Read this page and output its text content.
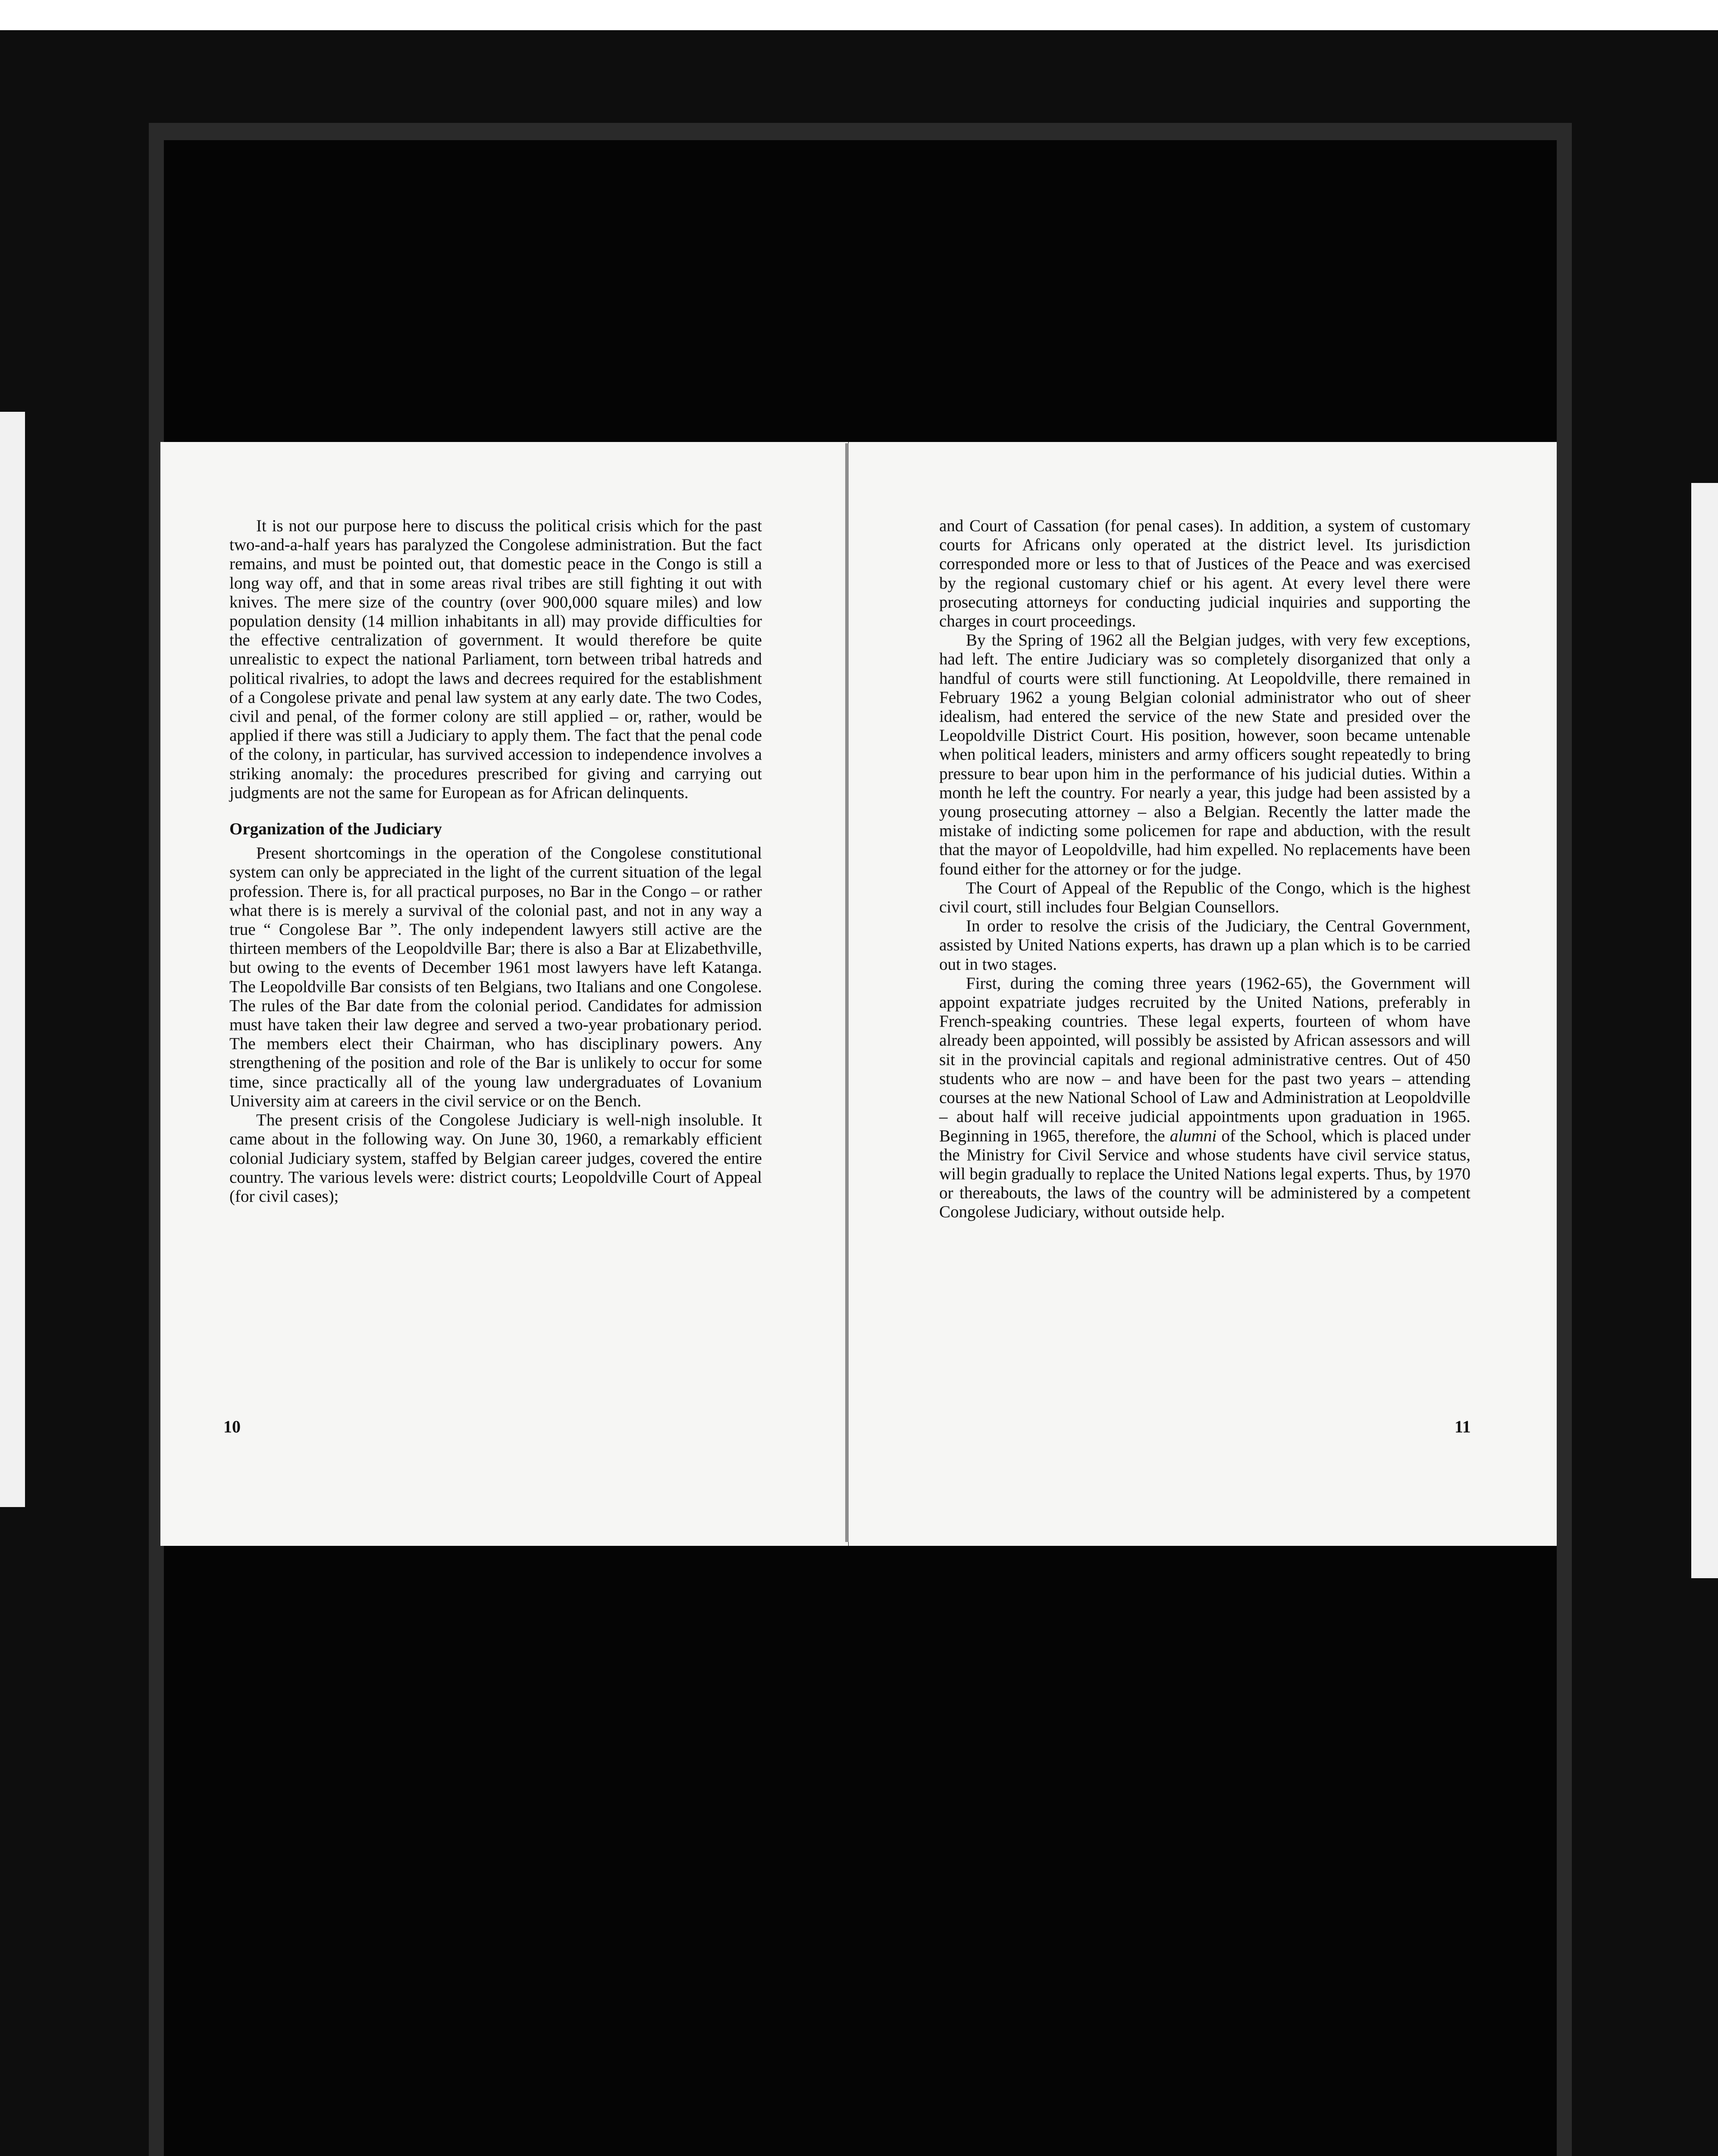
It is not our purpose here to discuss the political crisis which for the past two-and-a-half years has paralyzed the Congolese administration. But the fact remains, and must be pointed out, that domestic peace in the Congo is still a long way off, and that in some areas rival tribes are still fighting it out with knives. The mere size of the country (over 900,000 square miles) and low population density (14 million inhabitants in all) may provide difficulties for the effective centralization of government. It would therefore be quite unrealistic to expect the national Parliament, torn between tribal hatreds and political rivalries, to adopt the laws and decrees required for the establishment of a Congolese private and penal law system at any early date. The two Codes, civil and penal, of the former colony are still applied – or, rather, would be applied if there was still a Judiciary to apply them. The fact that the penal code of the colony, in particular, has survived accession to independence involves a striking anomaly: the procedures prescribed for giving and carrying out judgments are not the same for European as for African delinquents.

Organization of the Judiciary

Present shortcomings in the operation of the Congolese constitutional system can only be appreciated in the light of the current situation of the legal profession. There is, for all practical purposes, no Bar in the Congo – or rather what there is is merely a survival of the colonial past, and not in any way a true “ Congolese Bar ”. The only independent lawyers still active are the thirteen members of the Leopoldville Bar; there is also a Bar at Elizabethville, but owing to the events of December 1961 most lawyers have left Katanga. The Leopoldville Bar consists of ten Belgians, two Italians and one Congolese. The rules of the Bar date from the colonial period. Candidates for admission must have taken their law degree and served a two-year probationary period. The members elect their Chairman, who has disciplinary powers. Any strengthening of the position and role of the Bar is unlikely to occur for some time, since practically all of the young law undergraduates of Lovanium University aim at careers in the civil service or on the Bench.

The present crisis of the Congolese Judiciary is well-nigh insoluble. It came about in the following way. On June 30, 1960, a remarkably efficient colonial Judiciary system, staffed by Belgian career judges, covered the entire country. The various levels were: district courts; Leopoldville Court of Appeal (for civil cases);

10

and Court of Cassation (for penal cases). In addition, a system of customary courts for Africans only operated at the district level. Its jurisdiction corresponded more or less to that of Justices of the Peace and was exercised by the regional customary chief or his agent. At every level there were prosecuting attorneys for conducting judicial inquiries and supporting the charges in court proceedings.

By the Spring of 1962 all the Belgian judges, with very few exceptions, had left. The entire Judiciary was so completely disorganized that only a handful of courts were still functioning. At Leopoldville, there remained in February 1962 a young Belgian colonial administrator who out of sheer idealism, had entered the service of the new State and presided over the Leopoldville District Court. His position, however, soon became untenable when political leaders, ministers and army officers sought repeatedly to bring pressure to bear upon him in the performance of his judicial duties. Within a month he left the country. For nearly a year, this judge had been assisted by a young prosecuting attorney – also a Belgian. Recently the latter made the mistake of indicting some policemen for rape and abduction, with the result that the mayor of Leopoldville, had him expelled. No replacements have been found either for the attorney or for the judge.

The Court of Appeal of the Republic of the Congo, which is the highest civil court, still includes four Belgian Counsellors.

In order to resolve the crisis of the Judiciary, the Central Government, assisted by United Nations experts, has drawn up a plan which is to be carried out in two stages.

First, during the coming three years (1962-65), the Government will appoint expatriate judges recruited by the United Nations, preferably in French-speaking countries. These legal experts, fourteen of whom have already been appointed, will possibly be assisted by African assessors and will sit in the provincial capitals and regional administrative centres. Out of 450 students who are now – and have been for the past two years – attending courses at the new National School of Law and Administration at Leopoldville – about half will receive judicial appointments upon graduation in 1965. Beginning in 1965, therefore, the alumni of the School, which is placed under the Ministry for Civil Service and whose students have civil service status, will begin gradually to replace the United Nations legal experts. Thus, by 1970 or thereabouts, the laws of the country will be administered by a competent Congolese Judiciary, without outside help.

11
